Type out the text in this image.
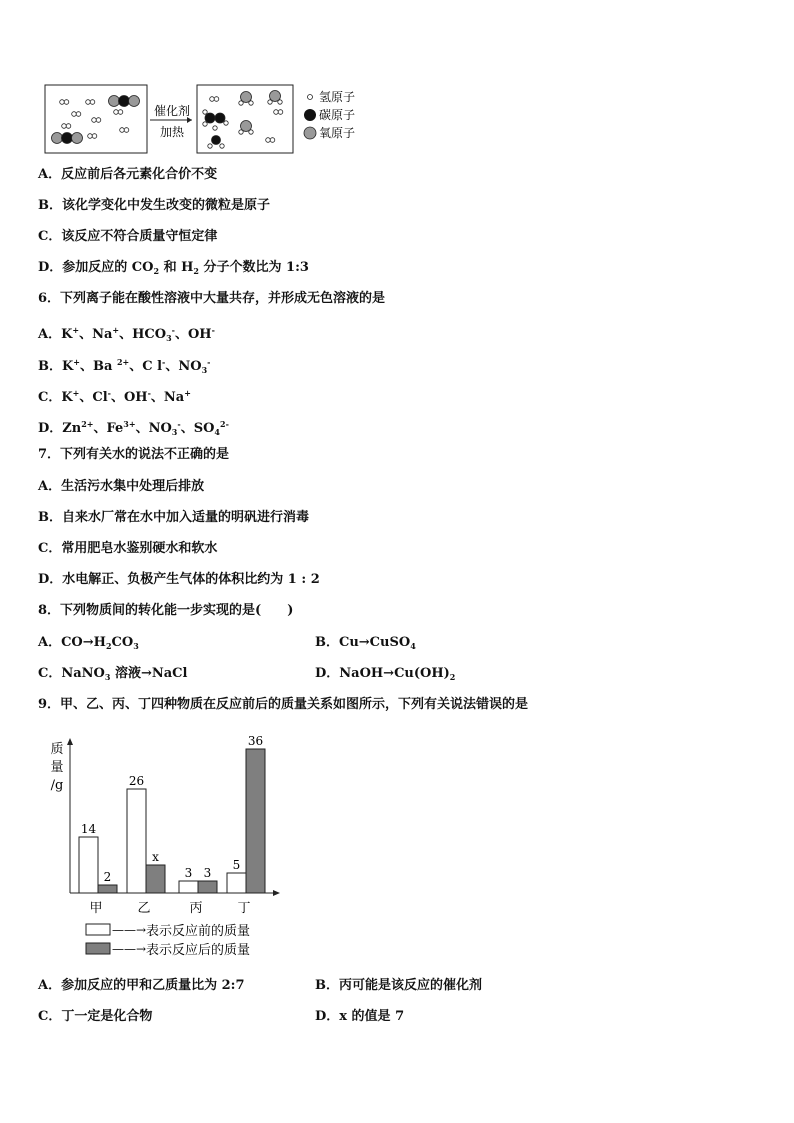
催化剂
加热
氢原子
碳原子
氧原子
A．反应前后各元素化合价不变
B．该化学变化中发生改变的微粒是原子
C．该反应不符合质量守恒定律
D．参加反应的 $CO_2$ 和 $H_2$ 分子个数比为 1:3
6．下列离子能在酸性溶液中大量共存，并形成无色溶液的是
A．K+、Na+、$HCO_3^-$、OH-
B．K+、Ba $^{2+}$、C l-、$NO_3^-$
C．K+、Cl-、OH-、Na+
D．$Zn^{2+}$、$Fe^{3+}$、$NO_3^-$、$SO_4^{2-}$
7．下列有关水的说法不正确的是
A．生活污水集中处理后排放
B．自来水厂常在水中加入适量的明矾进行消毒
C．常用肥皂水鉴别硬水和软水
D．水电解正、负极产生气体的体积比约为 1 : 2
8．下列物质间的转化能一步实现的是(　　)
A．$CO\to H_2CO_3$	B．Cu→CuSO$_4$
C．NaNO$_3$ 溶液→NaCl	D．$NaOH\to Cu(OH)_2$
9．甲、乙、丙、丁四种物质在反应前后的质量关系如图所示，下列有关说法错误的是
质
量
/g
14
26
3
5
2
x
3
36
甲	乙	丙	丁
——→ 表示反应前的质量
——→ 表示反应后的质量
A．参加反应的甲和乙质量比为 2:7	B．丙可能是该反应的催化剂
C．丁一定是化合物	D．x 的值是 7
